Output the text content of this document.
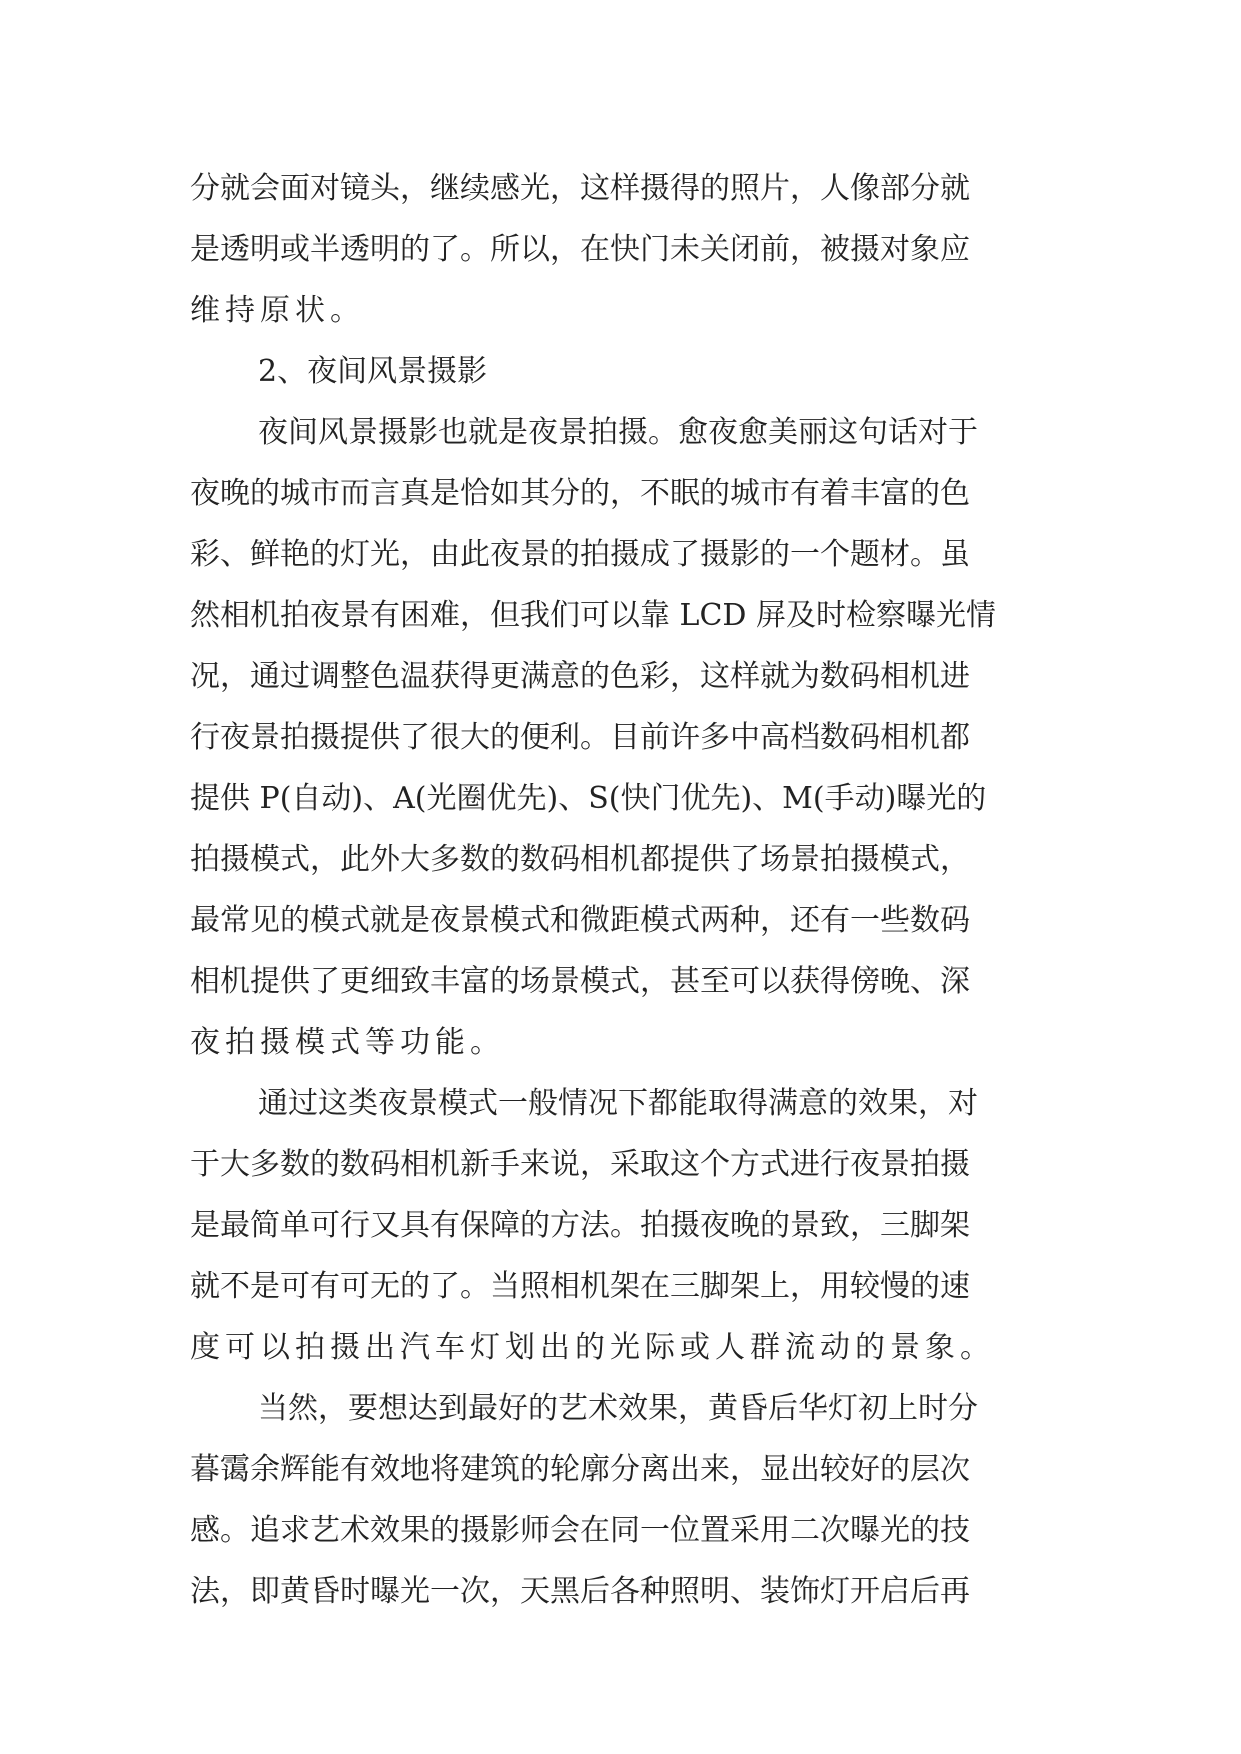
分就会面对镜头，继续感光，这样摄得的照片，人像部分就
是透明或半透明的了。所以，在快门未关闭前，被摄对象应
维持原状。
2、夜间风景摄影
夜间风景摄影也就是夜景拍摄。愈夜愈美丽这句话对于
夜晚的城市而言真是恰如其分的，不眠的城市有着丰富的色
彩、鲜艳的灯光，由此夜景的拍摄成了摄影的一个题材。虽
然相机拍夜景有困难，但我们可以靠 LCD 屏及时检察曝光情
况，通过调整色温获得更满意的色彩，这样就为数码相机进
行夜景拍摄提供了很大的便利。目前许多中高档数码相机都
提供 P(自动)、A(光圈优先)、S(快门优先)、M(手动)曝光的
拍摄模式，此外大多数的数码相机都提供了场景拍摄模式，
最常见的模式就是夜景模式和微距模式两种，还有一些数码
相机提供了更细致丰富的场景模式，甚至可以获得傍晚、深
夜拍摄模式等功能。
通过这类夜景模式一般情况下都能取得满意的效果，对
于大多数的数码相机新手来说，采取这个方式进行夜景拍摄
是最简单可行又具有保障的方法。拍摄夜晚的景致，三脚架
就不是可有可无的了。当照相机架在三脚架上，用较慢的速
度可以拍摄出汽车灯划出的光际或人群流动的景象。
当然，要想达到最好的艺术效果，黄昏后华灯初上时分
暮霭余辉能有效地将建筑的轮廓分离出来，显出较好的层次
感。追求艺术效果的摄影师会在同一位置采用二次曝光的技
法，即黄昏时曝光一次，天黑后各种照明、装饰灯开启后再
